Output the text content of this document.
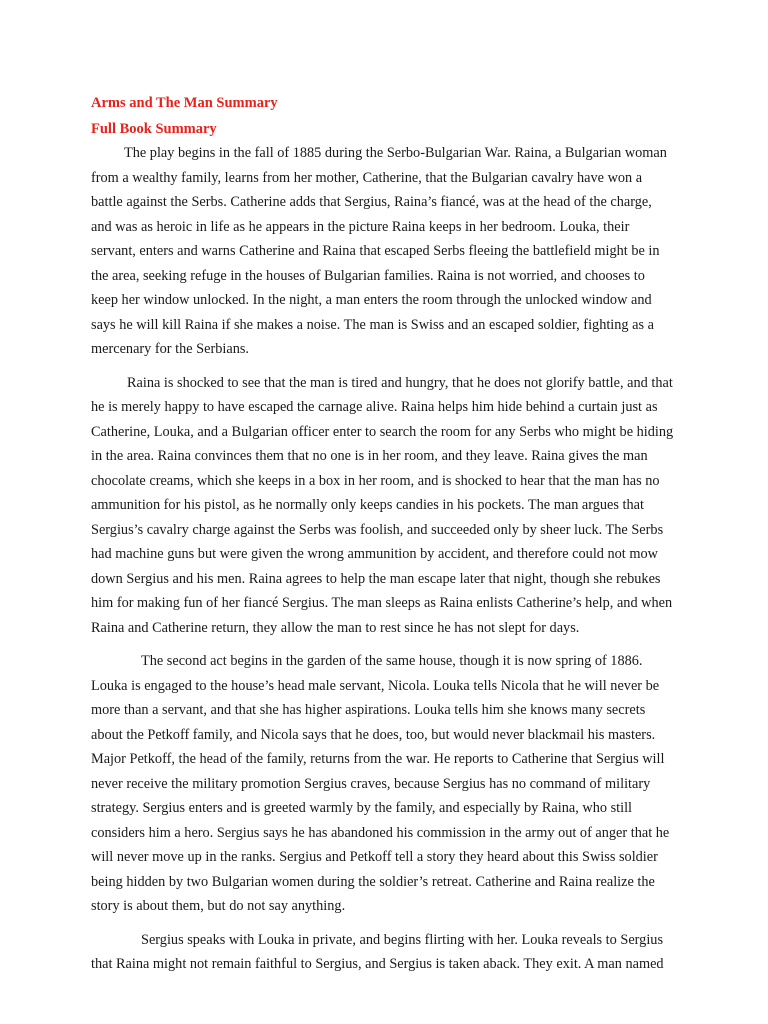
Arms and The Man Summary
Full Book Summary

The play begins in the fall of 1885 during the Serbo-Bulgarian War. Raina, a Bulgarian woman from a wealthy family, learns from her mother, Catherine, that the Bulgarian cavalry have won a battle against the Serbs. Catherine adds that Sergius, Raina’s fiancé, was at the head of the charge, and was as heroic in life as he appears in the picture Raina keeps in her bedroom. Louka, their servant, enters and warns Catherine and Raina that escaped Serbs fleeing the battlefield might be in the area, seeking refuge in the houses of Bulgarian families. Raina is not worried, and chooses to keep her window unlocked. In the night, a man enters the room through the unlocked window and says he will kill Raina if she makes a noise. The man is Swiss and an escaped soldier, fighting as a mercenary for the Serbians.

Raina is shocked to see that the man is tired and hungry, that he does not glorify battle, and that he is merely happy to have escaped the carnage alive. Raina helps him hide behind a curtain just as Catherine, Louka, and a Bulgarian officer enter to search the room for any Serbs who might be hiding in the area. Raina convinces them that no one is in her room, and they leave. Raina gives the man chocolate creams, which she keeps in a box in her room, and is shocked to hear that the man has no ammunition for his pistol, as he normally only keeps candies in his pockets. The man argues that Sergius’s cavalry charge against the Serbs was foolish, and succeeded only by sheer luck. The Serbs had machine guns but were given the wrong ammunition by accident, and therefore could not mow down Sergius and his men. Raina agrees to help the man escape later that night, though she rebukes him for making fun of her fiancé Sergius. The man sleeps as Raina enlists Catherine’s help, and when Raina and Catherine return, they allow the man to rest since he has not slept for days.

The second act begins in the garden of the same house, though it is now spring of 1886. Louka is engaged to the house’s head male servant, Nicola. Louka tells Nicola that he will never be more than a servant, and that she has higher aspirations. Louka tells him she knows many secrets about the Petkoff family, and Nicola says that he does, too, but would never blackmail his masters. Major Petkoff, the head of the family, returns from the war. He reports to Catherine that Sergius will never receive the military promotion Sergius craves, because Sergius has no command of military strategy. Sergius enters and is greeted warmly by the family, and especially by Raina, who still considers him a hero. Sergius says he has abandoned his commission in the army out of anger that he will never move up in the ranks. Sergius and Petkoff tell a story they heard about this Swiss soldier being hidden by two Bulgarian women during the soldier’s retreat. Catherine and Raina realize the story is about them, but do not say anything.

Sergius speaks with Louka in private, and begins flirting with her. Louka reveals to Sergius that Raina might not remain faithful to Sergius, and Sergius is taken aback. They exit. A man named
